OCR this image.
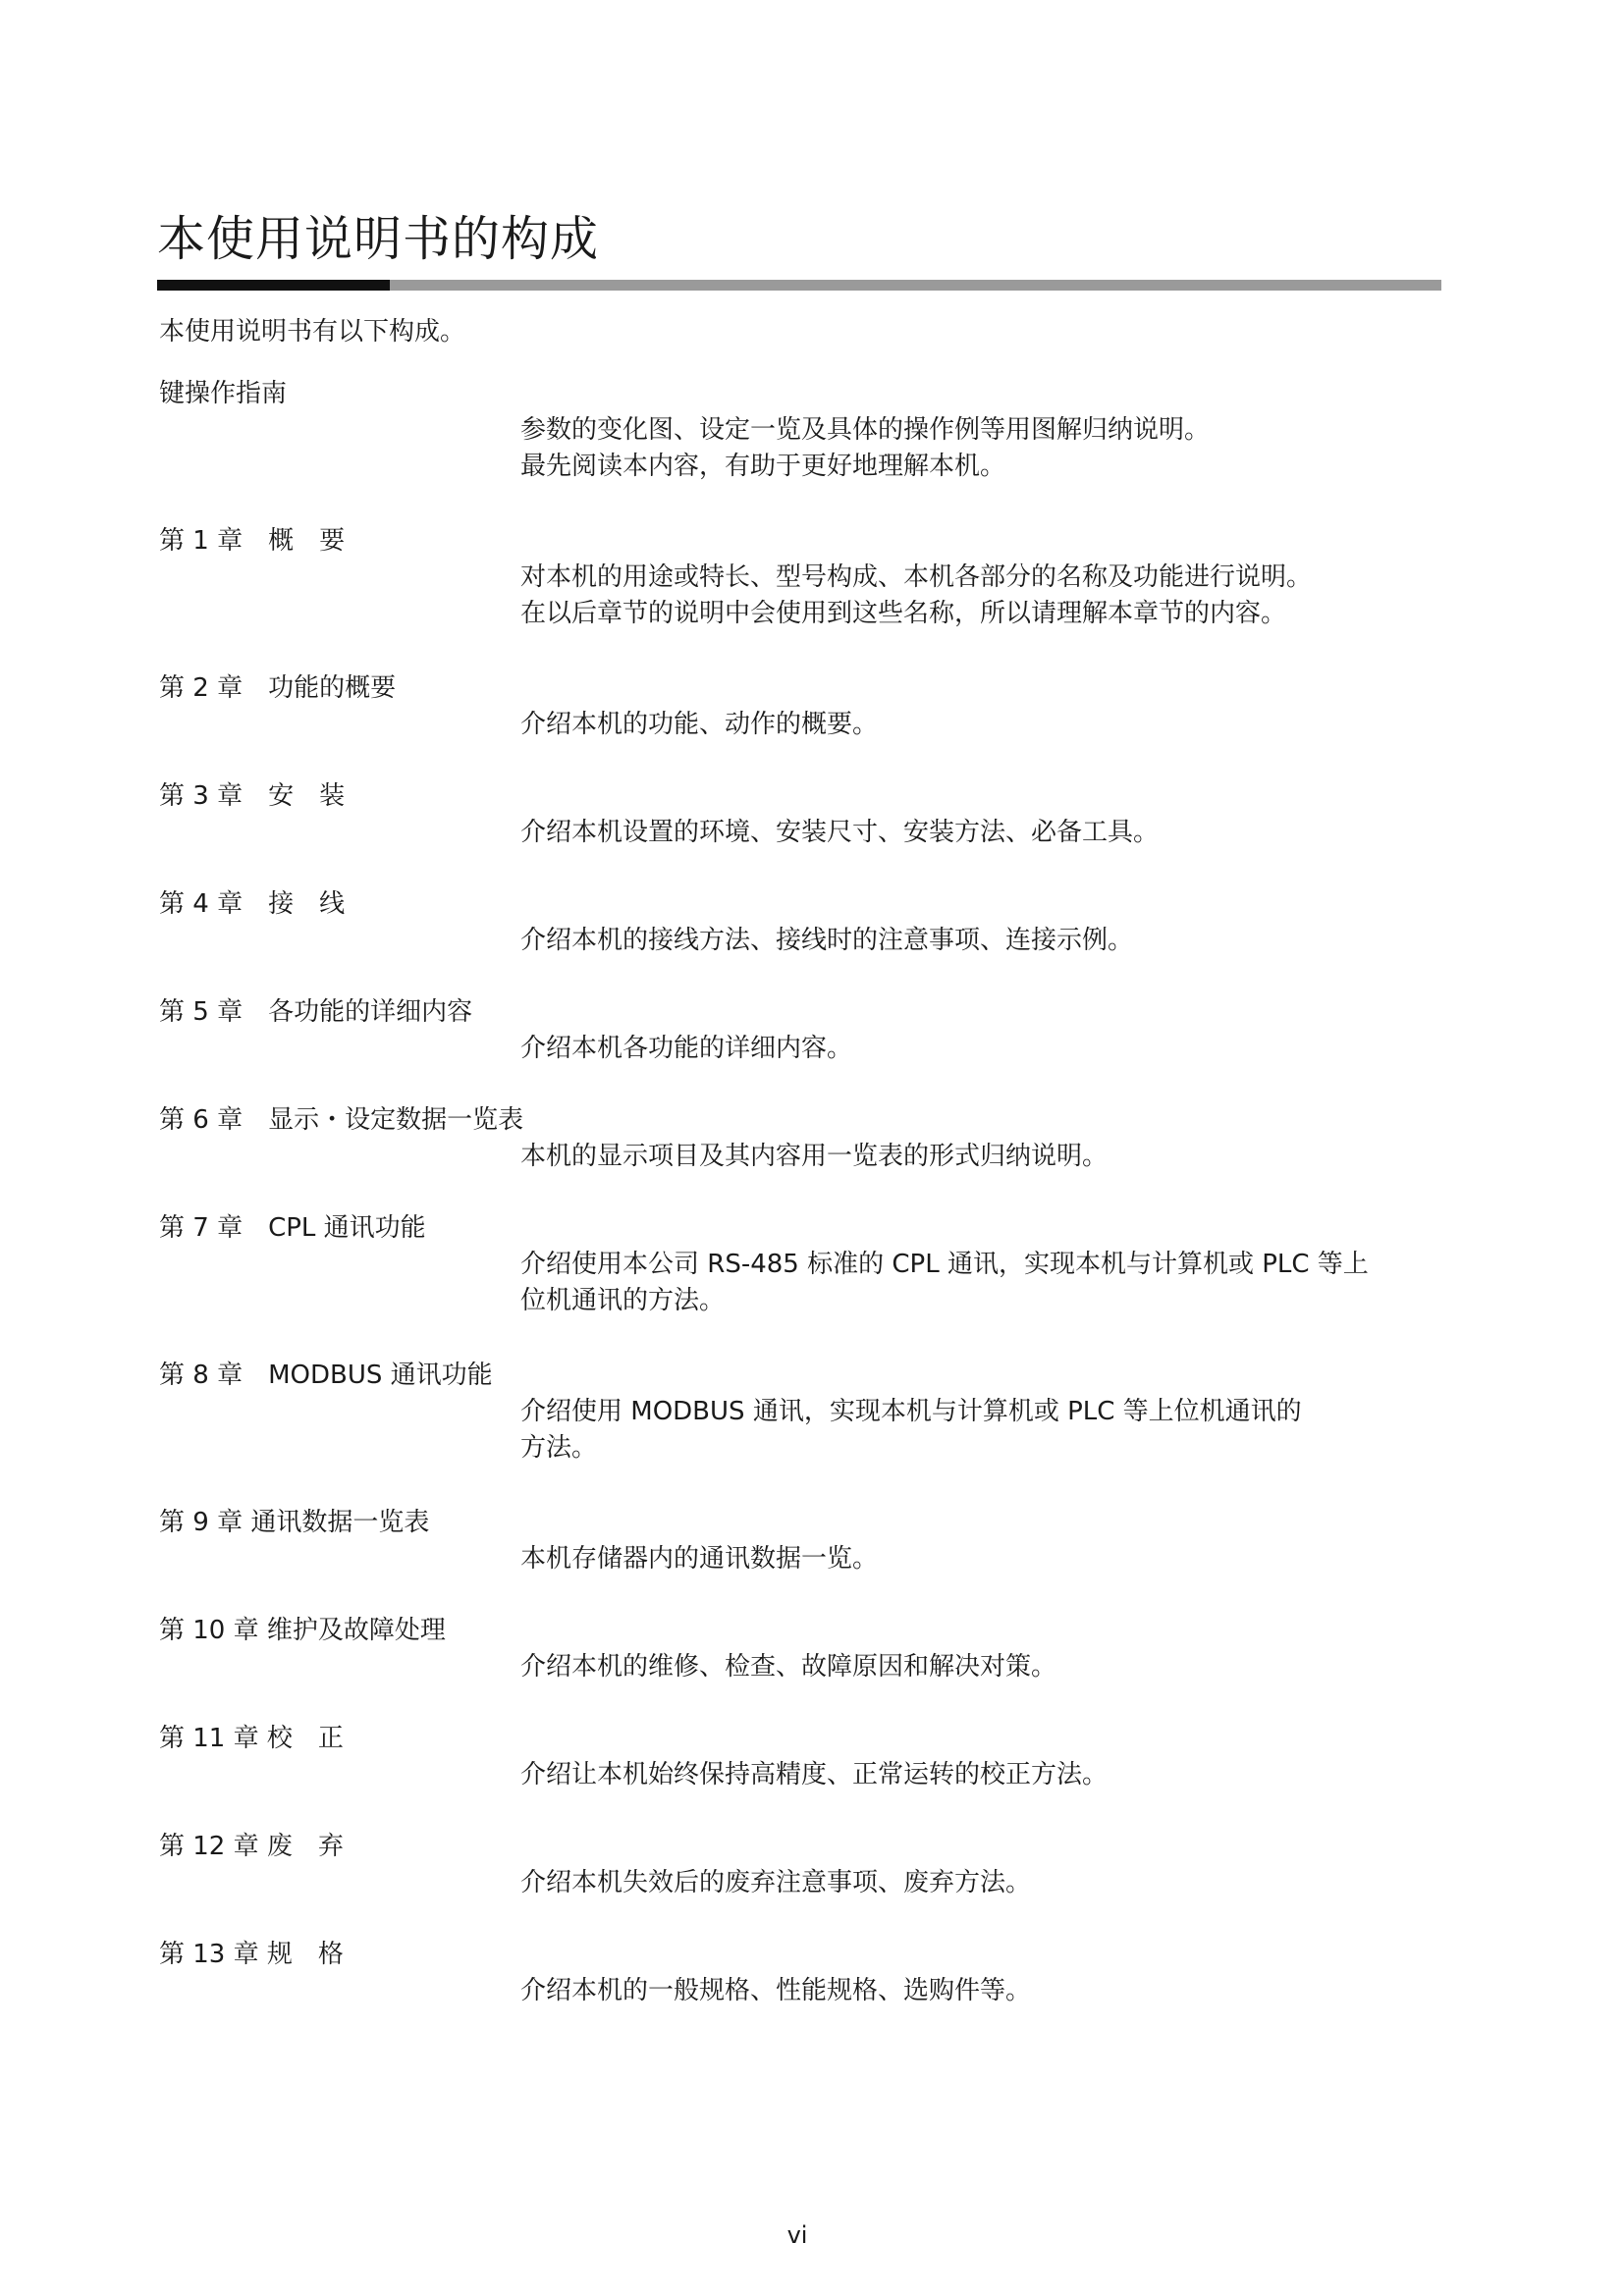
本使用说明书的构成
本使用说明书有以下构成。
键操作指南

参数的变化图、设定一览及具体的操作例等用图解归纳说明。

最先阅读本内容，有助于更好地理解本机。

第 1 章　概　要

对本机的用途或特长、型号构成、本机各部分的名称及功能进行说明。

在以后章节的说明中会使用到这些名称，所以请理解本章节的内容。

第 2 章　功能的概要

介绍本机的功能、动作的概要。

第 3 章　安　装

介绍本机设置的环境、安装尺寸、安装方法、必备工具。

第 4 章　接　线

介绍本机的接线方法、接线时的注意事项、连接示例。

第 5 章　各功能的详细内容

介绍本机各功能的详细内容。

第 6 章　显示・设定数据一览表

本机的显示项目及其内容用一览表的形式归纳说明。

第 7 章　CPL 通讯功能

介绍使用本公司 RS-485 标准的 CPL 通讯，实现本机与计算机或 PLC 等上

位机通讯的方法。

第 8 章　MODBUS 通讯功能

介绍使用 MODBUS 通讯，实现本机与计算机或 PLC 等上位机通讯的

方法。

第 9 章 通讯数据一览表

本机存储器内的通讯数据一览。

第 10 章 维护及故障处理

介绍本机的维修、检查、故障原因和解决对策。

第 11 章 校　正

介绍让本机始终保持高精度、正常运转的校正方法。

第 12 章 废　弃

介绍本机失效后的废弃注意事项、废弃方法。

第 13 章 规　格

介绍本机的一般规格、性能规格、选购件等。

vi
